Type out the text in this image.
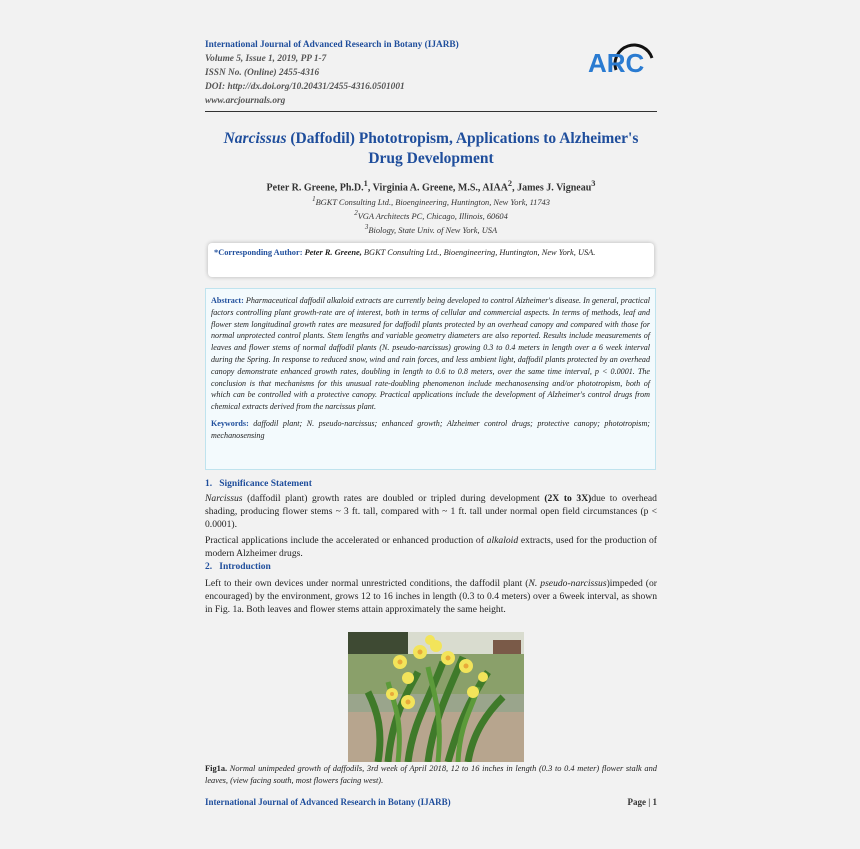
International Journal of Advanced Research in Botany (IJARB)
Volume 5, Issue 1, 2019, PP 1-7
ISSN No. (Online) 2455-4316
DOI: http://dx.doi.org/10.20431/2455-4316.0501001
www.arcjournals.org
ARC
Narcissus (Daffodil) Phototropism, Applications to Alzheimer's
Drug Development
Peter R. Greene, Ph.D.$^1$, Virginia A. Greene, M.S., AIAA$^2$, James J. Vigneau$^3$
$^1$BGKT Consulting Ltd., Bioengineering, Huntington, New York, 11743
$^2$VGA Architects PC, Chicago, Illinois, 60604
$^3$Biology, State Univ. of New York, USA
*Corresponding Author: Peter R. Greene, BGKT Consulting Ltd., Bioengineering, Huntington, New York, USA.
Abstract: Pharmaceutical daffodil alkaloid extracts are currently being developed to control Alzheimer's disease. In general, practical factors controlling plant growth-rate are of interest, both in terms of cellular and commercial aspects. In terms of methods, leaf and flower stem longitudinal growth rates are measured for daffodil plants protected by an overhead canopy and compared with those for normal unprotected control plants. Stem lengths and variable geometry diameters are also reported. Results include measurements of leaves and flower stems of normal daffodil plants (N. pseudo-narcissus) growing 0.3 to 0.4 meters in length over a 6 week interval during the Spring. In response to reduced snow, wind and rain forces, and less ambient light, daffodil plants protected by an overhead canopy demonstrate enhanced growth rates, doubling in length to 0.6 to 0.8 meters, over the same time interval, p < 0.0001. The conclusion is that mechanisms for this unusual rate-doubling phenomenon include mechanosensing and/or phototropism, both of which can be controlled with a protective canopy. Practical applications include the development of Alzheimer's control drugs from chemical extracts derived from the narcissus plant.
Keywords: daffodil plant; N. pseudo-narcissus; enhanced growth; Alzheimer control drugs; protective canopy; phototropism; mechanosensing
1.   Significance Statement
Narcissus (daffodil plant) growth rates are doubled or tripled during development (2X to 3X)due to overhead shading, producing flower stems ~ 3 ft. tall, compared with ~ 1 ft. tall under normal open field circumstances (p < 0.0001).
Practical applications include the accelerated or enhanced production of alkaloid extracts, used for the production of modern Alzheimer drugs.
2.   Introduction
Left to their own devices under normal unrestricted conditions, the daffodil plant (N. pseudo-narcissus)impeded (or encouraged) by the environment, grows 12 to 16 inches in length (0.3 to 0.4 meters) over a 6week interval, as shown in Fig. 1a. Both leaves and flower stems attain approximately the same height.
Fig1a. Normal unimpeded growth of daffodils, 3rd week of April 2018, 12 to 16 inches in length (0.3 to 0.4 meter) flower stalk and leaves, (view facing south, most flowers facing west).
International Journal of Advanced Research in Botany (IJARB)	Page | 1
